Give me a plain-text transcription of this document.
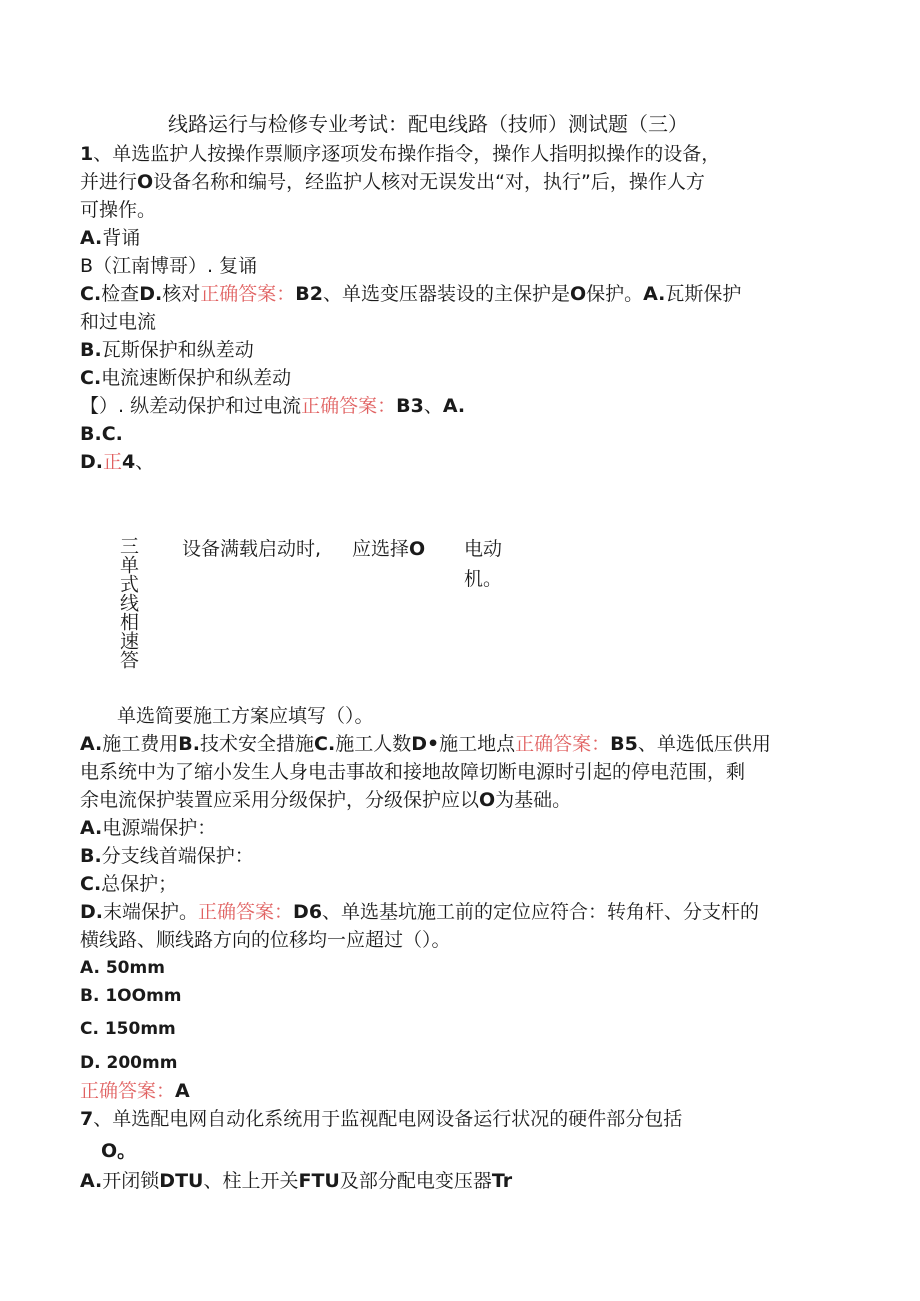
线路运行与检修专业考试：配电线路（技师）测试题（三）
1、单选监护人按操作票顺序逐项发布操作指令，操作人指明拟操作的设备，
并进行O设备名称和编号，经监护人核对无误发出“对，执行”后，操作人方
可操作。
A.背诵
B（江南博哥）. 复诵
C.检查D.核对正确答案：B2、单选变压器装设的主保护是O保护。A.瓦斯保护
和过电流
B.瓦斯保护和纵差动
C.电流速断保护和纵差动
【）. 纵差动保护和过电流正确答案：B3、A.
B.C.
D.正4、
三单式线相速答 设备满载启动时, 应选择O 电动机。
单选简要施工方案应填写（）。
A.施工费用B.技术安全措施C.施工人数D•施工地点正确答案：B5、单选低压供用
电系统中为了缩小发生人身电击事故和接地故障切断电源时引起的停电范围，剩
余电流保护装置应采用分级保护，分级保护应以O为基础。
A.电源端保护：
B.分支线首端保护：
C.总保护；
D.末端保护。正确答案：D6、单选基坑施工前的定位应符合：转角杆、分支杆的
横线路、顺线路方向的位移均一应超过（）。
A. 50mm
B. 1OOmm
C. 150mm
D. 200mm
正确答案：A
7、单选配电网自动化系统用于监视配电网设备运行状况的硬件部分包括
O。
A.开闭锁DTU、柱上开关FTU及部分配电变压器Tr
